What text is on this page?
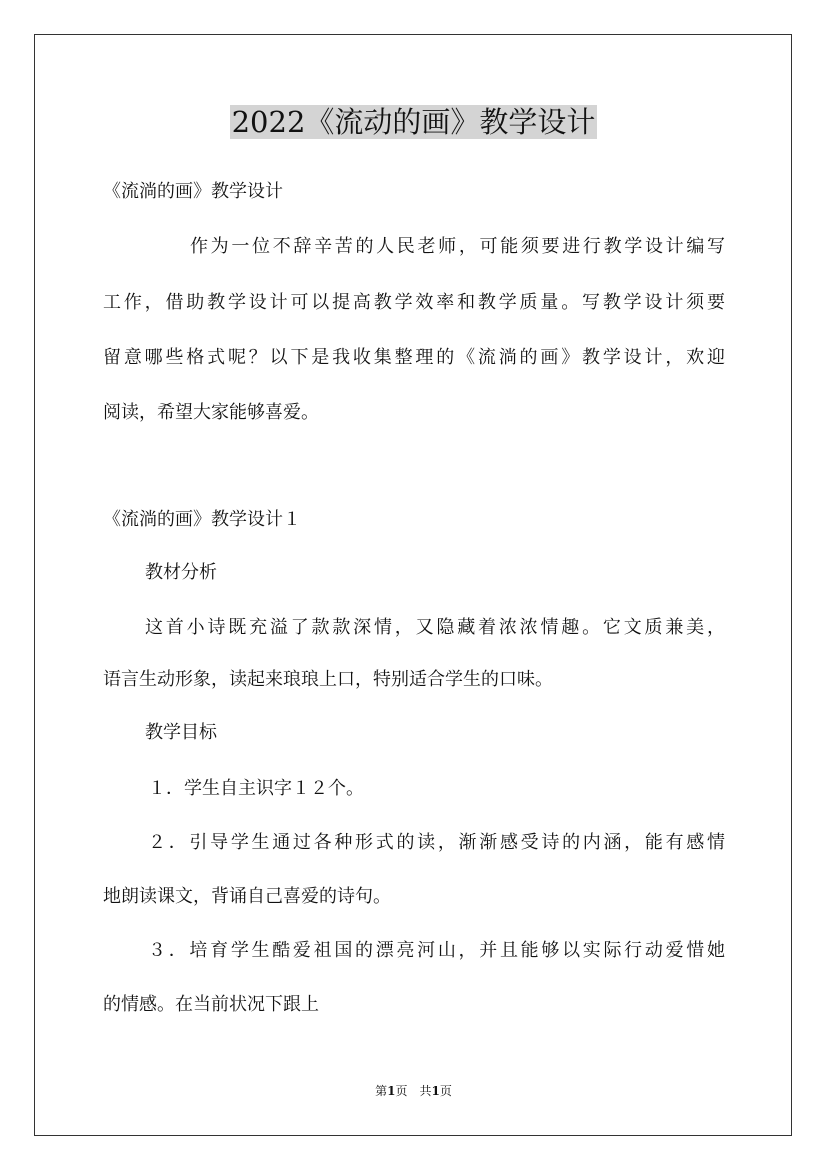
2022《流动的画》教学设计
《流淌的画》教学设计
作为一位不辞辛苦的人民老师，可能须要进行教学设计编写
工作，借助教学设计可以提高教学效率和教学质量。写教学设计须要
留意哪些格式呢？以下是我收集整理的《流淌的画》教学设计，欢迎
阅读，希望大家能够喜爱。
《流淌的画》教学设计１
教材分析
这首小诗既充溢了款款深情，又隐藏着浓浓情趣。它文质兼美，
语言生动形象，读起来琅琅上口，特别适合学生的口味。
教学目标
１．学生自主识字１２个。
２．引导学生通过各种形式的读，渐渐感受诗的内涵，能有感情
地朗读课文，背诵自己喜爱的诗句。
３．培育学生酷爱祖国的漂亮河山，并且能够以实际行动爱惜她
的情感。在当前状况下跟上
第1页　共1页
